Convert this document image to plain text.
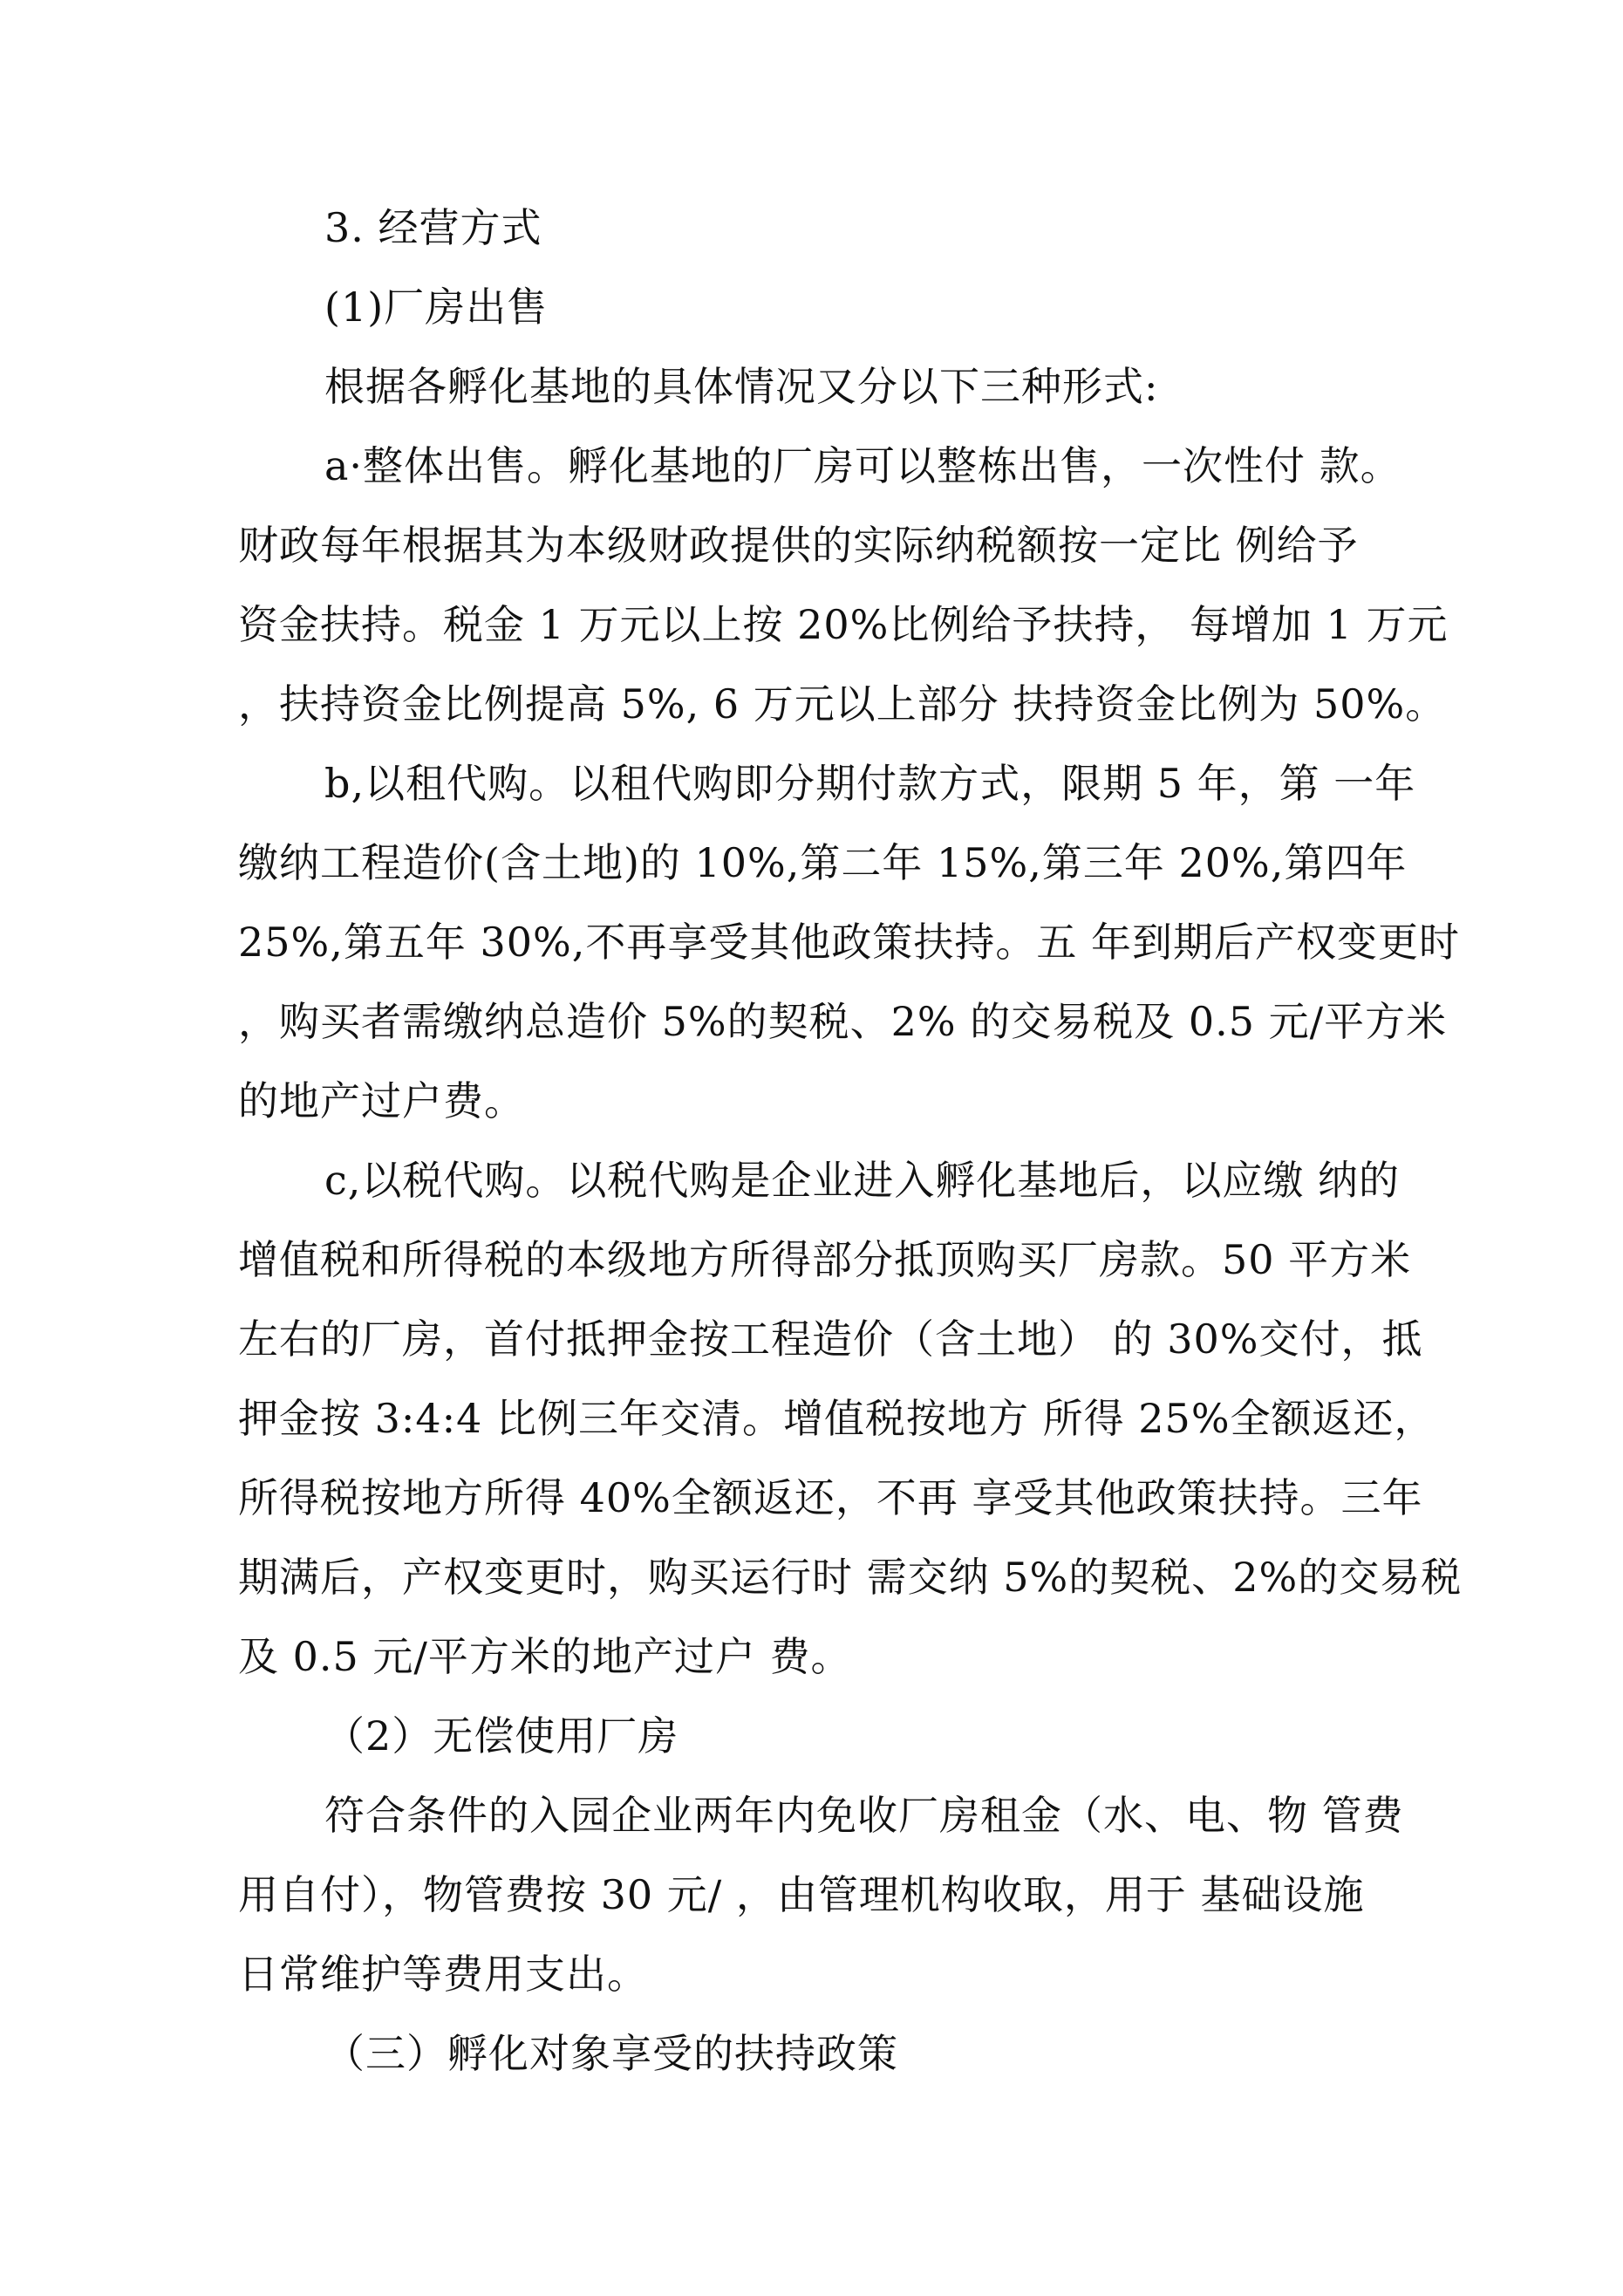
3. 经营方式
(1)厂房出售
根据各孵化基地的具体情况又分以下三种形式:
a·整体出售。孵化基地的厂房可以整栋出售，一次性付 款。
财政每年根据其为本级财政提供的实际纳税额按一定比 例给予
资金扶持。税金 1 万元以上按 20%比例给予扶持， 每增加 1 万元
，扶持资金比例提高 5%, 6 万元以上部分 扶持资金比例为 50%。
b,以租代购。以租代购即分期付款方式，限期 5 年，第 一年
缴纳工程造价(含土地)的 10%,第二年 15%,第三年 20%,第四年
25%,第五年 30%,不再享受其他政策扶持。五 年到期后产权变更时
，购买者需缴纳总造价 5%的契税、2% 的交易税及 0.5 元/平方米
的地产过户费。
c,以税代购。以税代购是企业进入孵化基地后，以应缴 纳的
增值税和所得税的本级地方所得部分抵顶购买厂房款。50 平方米
左右的厂房，首付抵押金按工程造价（含土地） 的 30%交付，抵
押金按 3:4:4 比例三年交清。增值税按地方 所得 25%全额返还，
所得税按地方所得 40%全额返还，不再 享受其他政策扶持。三年
期满后，产权变更时，购买运行时 需交纳 5%的契税、2%的交易税
及 0.5 元/平方米的地产过户 费。
（2）无偿使用厂房
符合条件的入园企业两年内免收厂房租金（水、电、物 管费
用自付），物管费按 30 元/ ，由管理机构收取，用于 基础设施
日常维护等费用支出。
（三）孵化对象享受的扶持政策
